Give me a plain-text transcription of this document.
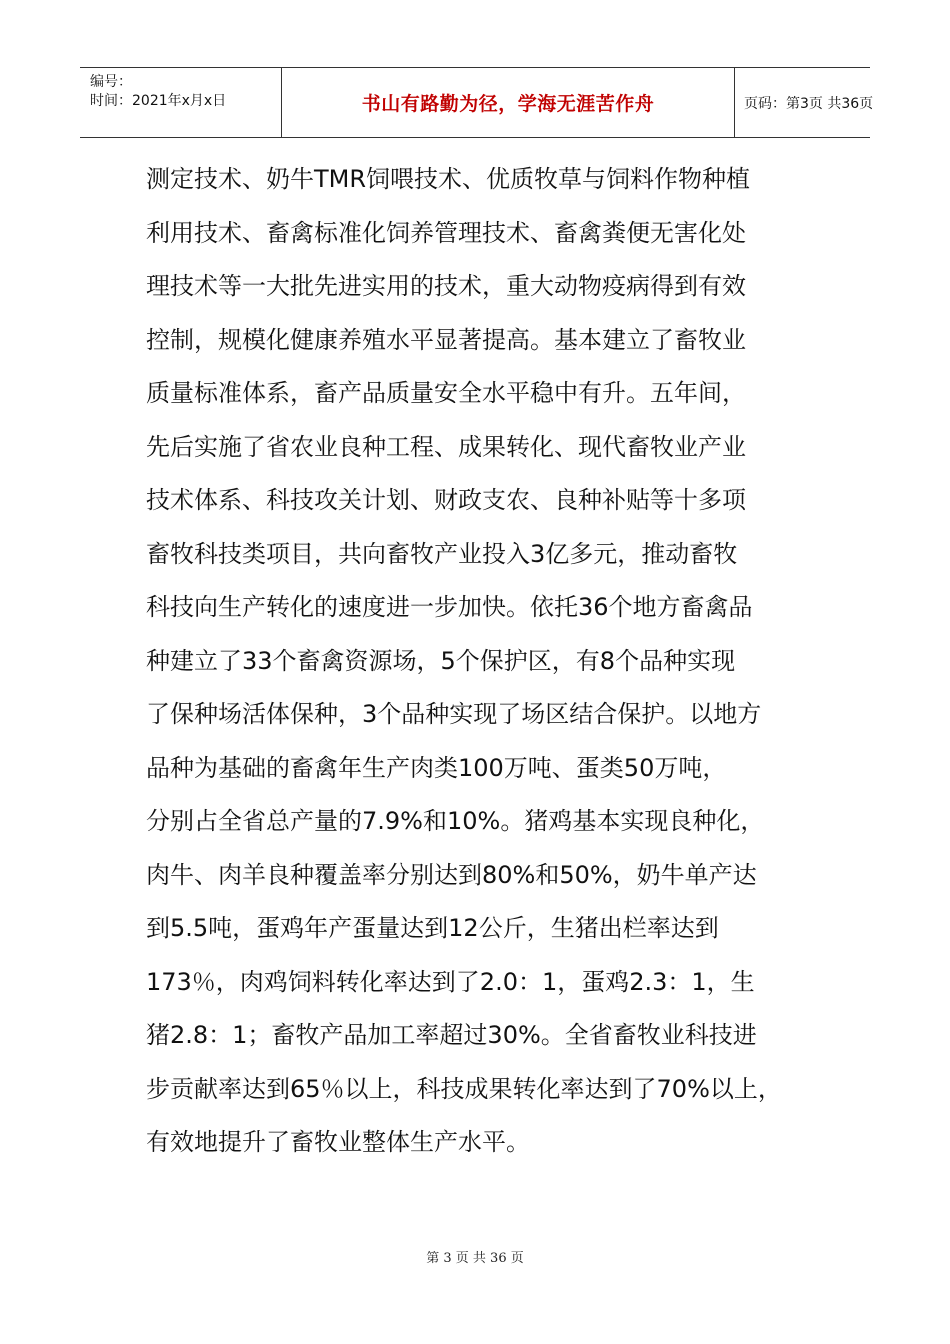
编号：
时间：2021年x月x日	书山有路勤为径，学海无涯苦作舟	页码：第3页 共36页
测定技术、奶牛TMR饲喂技术、优质牧草与饲料作物种植
利用技术、畜禽标准化饲养管理技术、畜禽粪便无害化处
理技术等一大批先进实用的技术，重大动物疫病得到有效
控制，规模化健康养殖水平显著提高。基本建立了畜牧业
质量标准体系，畜产品质量安全水平稳中有升。五年间，
先后实施了省农业良种工程、成果转化、现代畜牧业产业
技术体系、科技攻关计划、财政支农、良种补贴等十多项
畜牧科技类项目，共向畜牧产业投入3亿多元，推动畜牧
科技向生产转化的速度进一步加快。依托36个地方畜禽品
种建立了33个畜禽资源场，5个保护区，有8个品种实现
了保种场活体保种，3个品种实现了场区结合保护。以地方
品种为基础的畜禽年生产肉类100万吨、蛋类50万吨，
分别占全省总产量的7.9%和10%。猪鸡基本实现良种化，
肉牛、肉羊良种覆盖率分别达到80%和50%，奶牛单产达
到5.5吨，蛋鸡年产蛋量达到12公斤，生猪出栏率达到
173％，肉鸡饲料转化率达到了2.0：1，蛋鸡2.3：1，生
猪2.8：1；畜牧产品加工率超过30%。全省畜牧业科技进
步贡献率达到65％以上，科技成果转化率达到了70%以上，
有效地提升了畜牧业整体生产水平。
第 3 页 共 36 页
